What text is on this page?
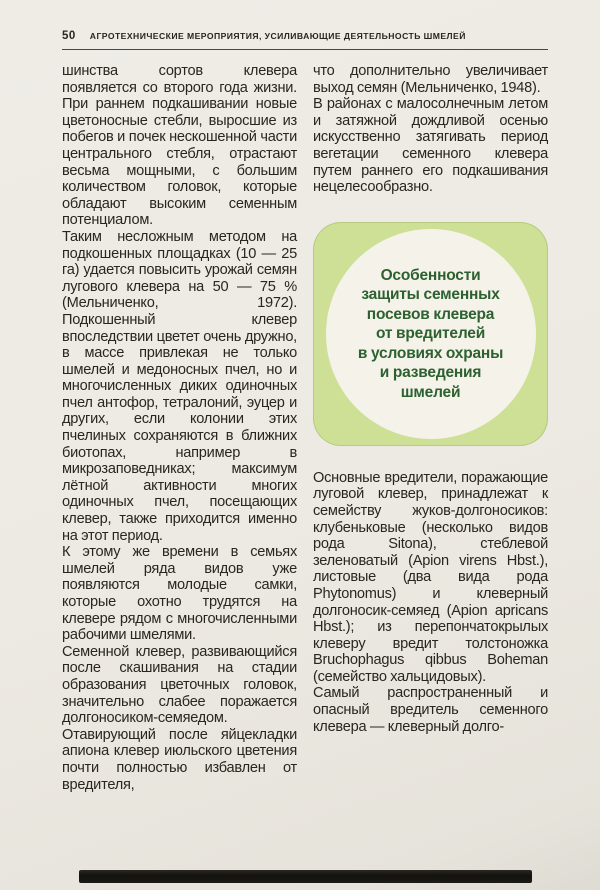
50 АГРОТЕХНИЧЕСКИЕ МЕРОПРИЯТИЯ, УСИЛИВАЮЩИЕ ДЕЯТЕЛЬНОСТЬ ШМЕЛЕЙ

шинства сортов клевера появляется со второго года жизни. При раннем подкашивании новые цветоносные стебли, выросшие из побегов и почек нескошенной части центрального стебля, отрастают весьма мощными, с большим количеством головок, которые обладают высоким семенным потенциалом.

Таким несложным методом на подкошенных площадках (10 — 25 га) удается повысить урожай семян лугового клевера на 50 — 75 % (Мельниченко, 1972). Подкошенный клевер впоследствии цветет очень дружно, в массе привлекая не только шмелей и медоносных пчел, но и многочисленных диких одиночных пчел антофор, тетралоний, эуцер и других, если колонии этих пчелиных сохраняются в ближних биотопах, например в микрозаповедниках; максимум лётной активности многих одиночных пчел, посещающих клевер, также приходится именно на этот период.

К этому же времени в семьях шмелей ряда видов уже появляются молодые самки, которые охотно трудятся на клевере рядом с многочисленными рабочими шмелями.

Семенной клевер, развивающийся после скашивания на стадии образования цветочных головок, значительно слабее поражается долгоносиком-семяедом. Отавирующий после яйцекладки апиона клевер июльского цветения почти полностью избавлен от вредителя,

что дополнительно увеличивает выход семян (Мельниченко, 1948).

В районах с малосолнечным летом и затяжной дождливой осенью искусственно затягивать период вегетации семенного клевера путем раннего его подкашивания нецелесообразно.

Особенности
защиты семенных
посевов клевера
от вредителей
в условиях охраны
и разведения
шмелей

Основные вредители, поражающие луговой клевер, принадлежат к семейству жуков-долгоносиков: клубеньковые (несколько видов рода Sitona), стеблевой зеленоватый (Apion virens Hbst.), листовые (два вида рода Phytonomus) и клеверный долгоносик-семяед (Apion apricans Hbst.); из перепончатокрылых клеверу вредит толстоножка Bruchophagus qibbus Boheman (семейство хальцидовых).

Самый распространенный и опасный вредитель семенного клевера — клеверный долго-
